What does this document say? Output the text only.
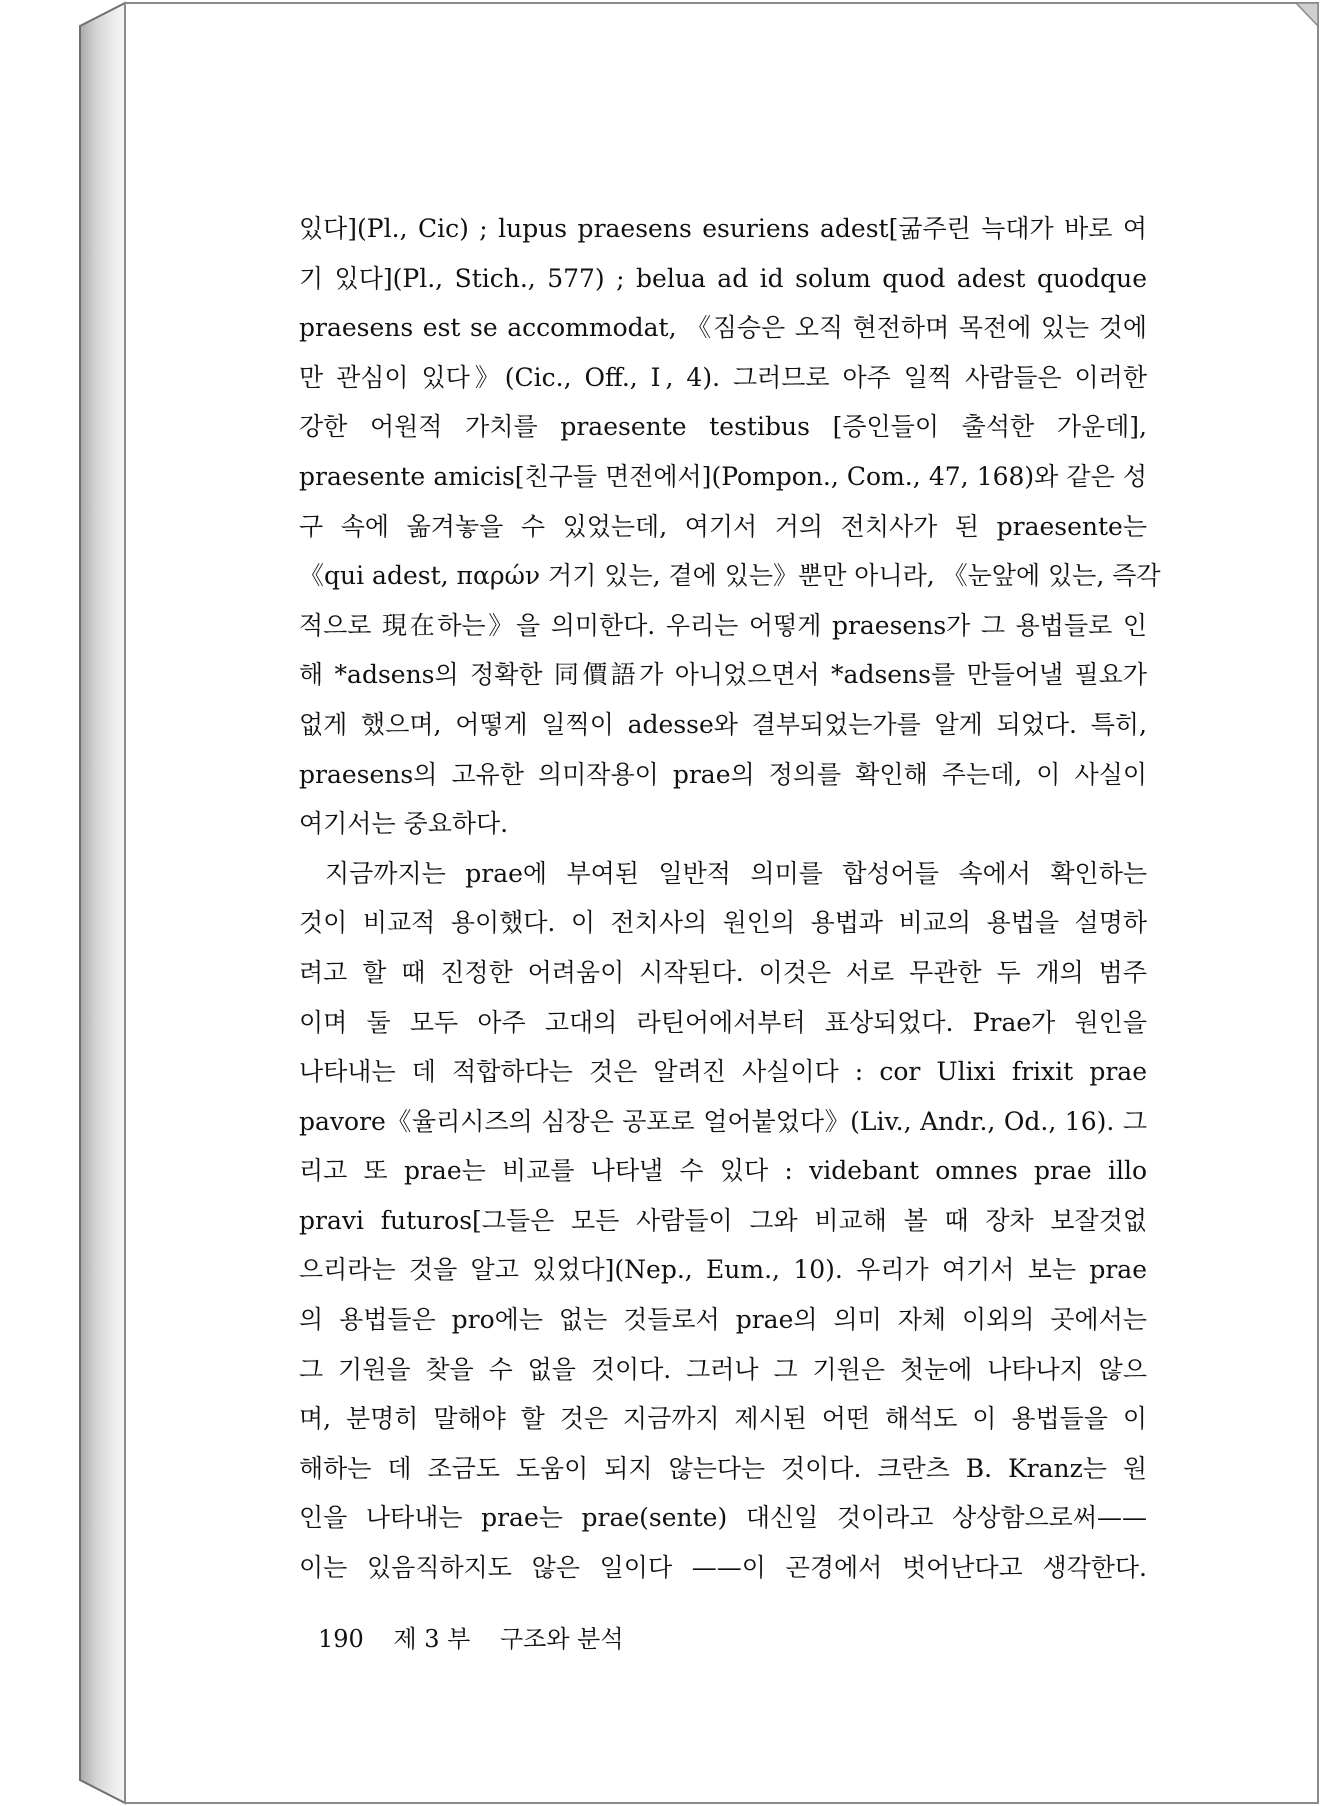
있다](Pl., Cic) ; lupus praesens esuriens adest[굶주린 늑대가 바로 여
기 있다](Pl., Stich., 577) ; belua ad id solum quod adest quodque
praesens est se accommodat, 《짐승은 오직 현전하며 목전에 있는 것에
만 관심이 있다》(Cic., Off., Ⅰ, 4). 그러므로 아주 일찍 사람들은 이러한
강한 어원적 가치를 praesente testibus [증인들이 출석한 가운데],
praesente amicis[친구들 면전에서](Pompon., Com., 47, 168)와 같은 성
구 속에 옮겨놓을 수 있었는데, 여기서 거의 전치사가 된 praesente는
《qui adest, παρών 거기 있는, 곁에 있는》뿐만 아니라, 《눈앞에 있는, 즉각
적으로 現在하는》을 의미한다. 우리는 어떻게 praesens가 그 용법들로 인
해 *adsens의 정확한 同價語가 아니었으면서 *adsens를 만들어낼 필요가
없게 했으며, 어떻게 일찍이 adesse와 결부되었는가를 알게 되었다. 특히,
praesens의 고유한 의미작용이 prae의 정의를 확인해 주는데, 이 사실이
여기서는 중요하다.
지금까지는 prae에 부여된 일반적 의미를 합성어들 속에서 확인하는
것이 비교적 용이했다. 이 전치사의 원인의 용법과 비교의 용법을 설명하
려고 할 때 진정한 어려움이 시작된다. 이것은 서로 무관한 두 개의 범주
이며 둘 모두 아주 고대의 라틴어에서부터 표상되었다. Prae가 원인을
나타내는 데 적합하다는 것은 알려진 사실이다 : cor Ulixi frixit prae
pavore《율리시즈의 심장은 공포로 얼어붙었다》(Liv., Andr., Od., 16). 그
리고 또 prae는 비교를 나타낼 수 있다 : videbant omnes prae illo
pravi futuros[그들은 모든 사람들이 그와 비교해 볼 때 장차 보잘것없
으리라는 것을 알고 있었다](Nep., Eum., 10). 우리가 여기서 보는 prae
의 용법들은 pro에는 없는 것들로서 prae의 의미 자체 이외의 곳에서는
그 기원을 찾을 수 없을 것이다. 그러나 그 기원은 첫눈에 나타나지 않으
며, 분명히 말해야 할 것은 지금까지 제시된 어떤 해석도 이 용법들을 이
해하는 데 조금도 도움이 되지 않는다는 것이다. 크란츠 B. Kranz는 원
인을 나타내는 prae는 prae(sente) 대신일 것이라고 상상함으로써——
이는 있음직하지도 않은 일이다 ——이 곤경에서 벗어난다고 생각한다.
190 제 3 부 구조와 분석
